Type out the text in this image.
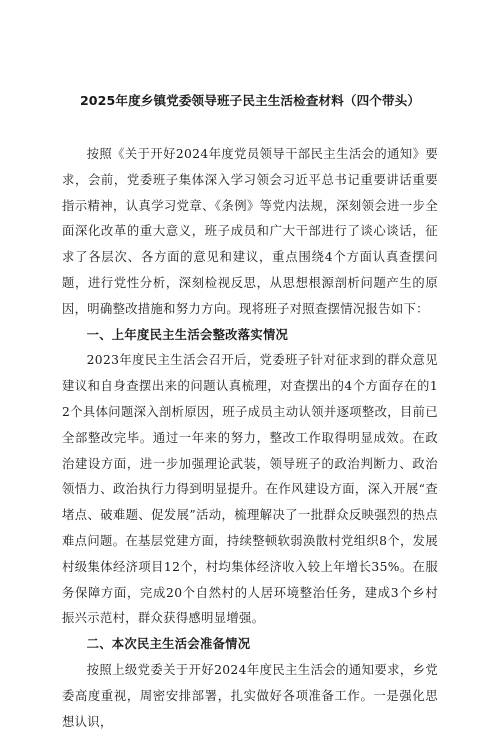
2025年度乡镇党委领导班子民主生活检查材料（四个带头）

按照《关于开好2024年度党员领导干部民主生活会的通知》要求，会前，党委班子集体深入学习领会习近平总书记重要讲话重要指示精神，认真学习党章、《条例》等党内法规，深刻领会进一步全面深化改革的重大意义，班子成员和广大干部进行了谈心谈话，征求了各层次、各方面的意见和建议，重点围绕4个方面认真查摆问题，进行党性分析，深刻检视反思，从思想根源剖析问题产生的原因，明确整改措施和努力方向。现将班子对照查摆情况报告如下：

一、上年度民主生活会整改落实情况

2023年度民主生活会召开后，党委班子针对征求到的群众意见建议和自身查摆出来的问题认真梳理，对查摆出的4个方面存在的12个具体问题深入剖析原因，班子成员主动认领并逐项整改，目前已全部整改完毕。通过一年来的努力，整改工作取得明显成效。在政治建设方面，进一步加强理论武装，领导班子的政治判断力、政治领悟力、政治执行力得到明显提升。在作风建设方面，深入开展“查堵点、破难题、促发展”活动，梳理解决了一批群众反映强烈的热点难点问题。在基层党建方面，持续整顿软弱涣散村党组织8个，发展村级集体经济项目12个，村均集体经济收入较上年增长35%。在服务保障方面，完成20个自然村的人居环境整治任务，建成3个乡村振兴示范村，群众获得感明显增强。

二、本次民主生活会准备情况

按照上级党委关于开好2024年度民主生活会的通知要求，乡党委高度重视，周密安排部署，扎实做好各项准备工作。一是强化思想认识，
